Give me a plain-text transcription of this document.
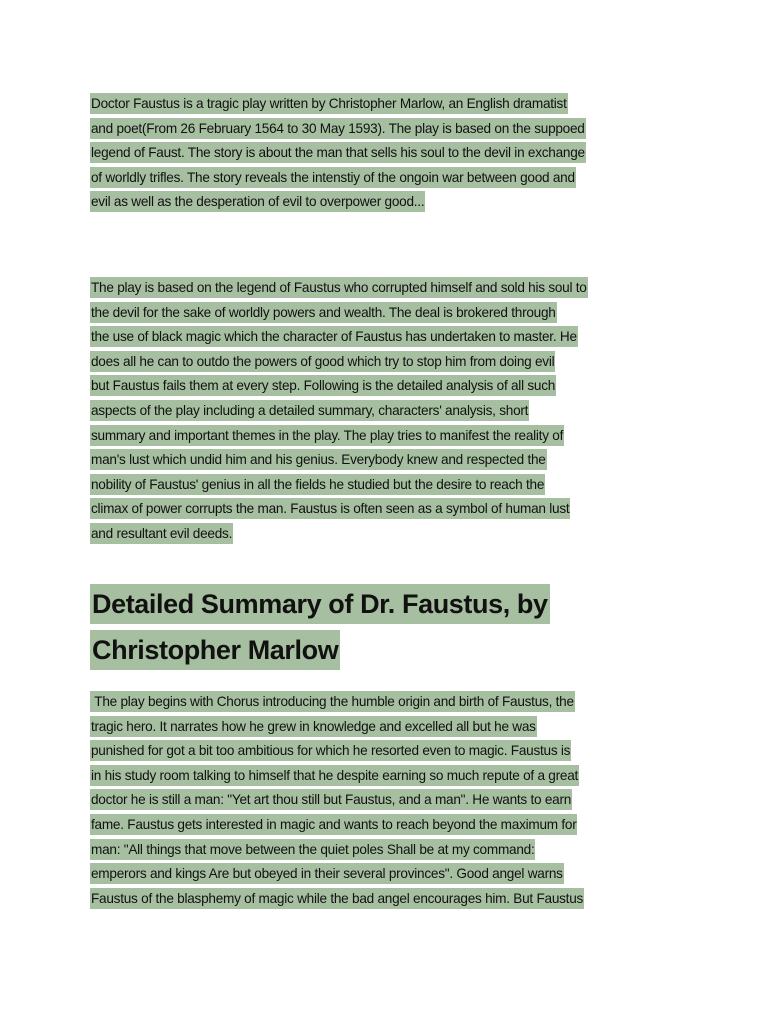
Doctor Faustus is a tragic play written by Christopher Marlow, an English dramatist
and poet(From 26 February 1564 to 30 May 1593). The play is based on the suppoed
legend of Faust. The story is about the man that sells his soul to the devil in exchange
of worldly trifles. The story reveals the intenstiy of the ongoin war between good and
evil as well as the desperation of evil to overpower good...
The play is based on the legend of Faustus who corrupted himself and sold his soul to
the devil for the sake of worldly powers and wealth. The deal is brokered through
the use of black magic which the character of Faustus has undertaken to master. He
does all he can to outdo the powers of good which try to stop him from doing evil
but Faustus fails them at every step. Following is the detailed analysis of all such
aspects of the play including a detailed summary, characters' analysis, short
summary and important themes in the play. The play tries to manifest the reality of
man's lust which undid him and his genius. Everybody knew and respected the
nobility of Faustus' genius in all the fields he studied but the desire to reach the
climax of power corrupts the man. Faustus is often seen as a symbol of human lust
and resultant evil deeds.
Detailed Summary of Dr. Faustus, by
Christopher Marlow
The play begins with Chorus introducing the humble origin and birth of Faustus, the
tragic hero. It narrates how he grew in knowledge and excelled all but he was
punished for got a bit too ambitious for which he resorted even to magic. Faustus is
in his study room talking to himself that he despite earning so much repute of a great
doctor he is still a man: "Yet art thou still but Faustus, and a man". He wants to earn
fame. Faustus gets interested in magic and wants to reach beyond the maximum for
man: "All things that move between the quiet poles Shall be at my command:
emperors and kings Are but obeyed in their several provinces". Good angel warns
Faustus of the blasphemy of magic while the bad angel encourages him. But Faustus
